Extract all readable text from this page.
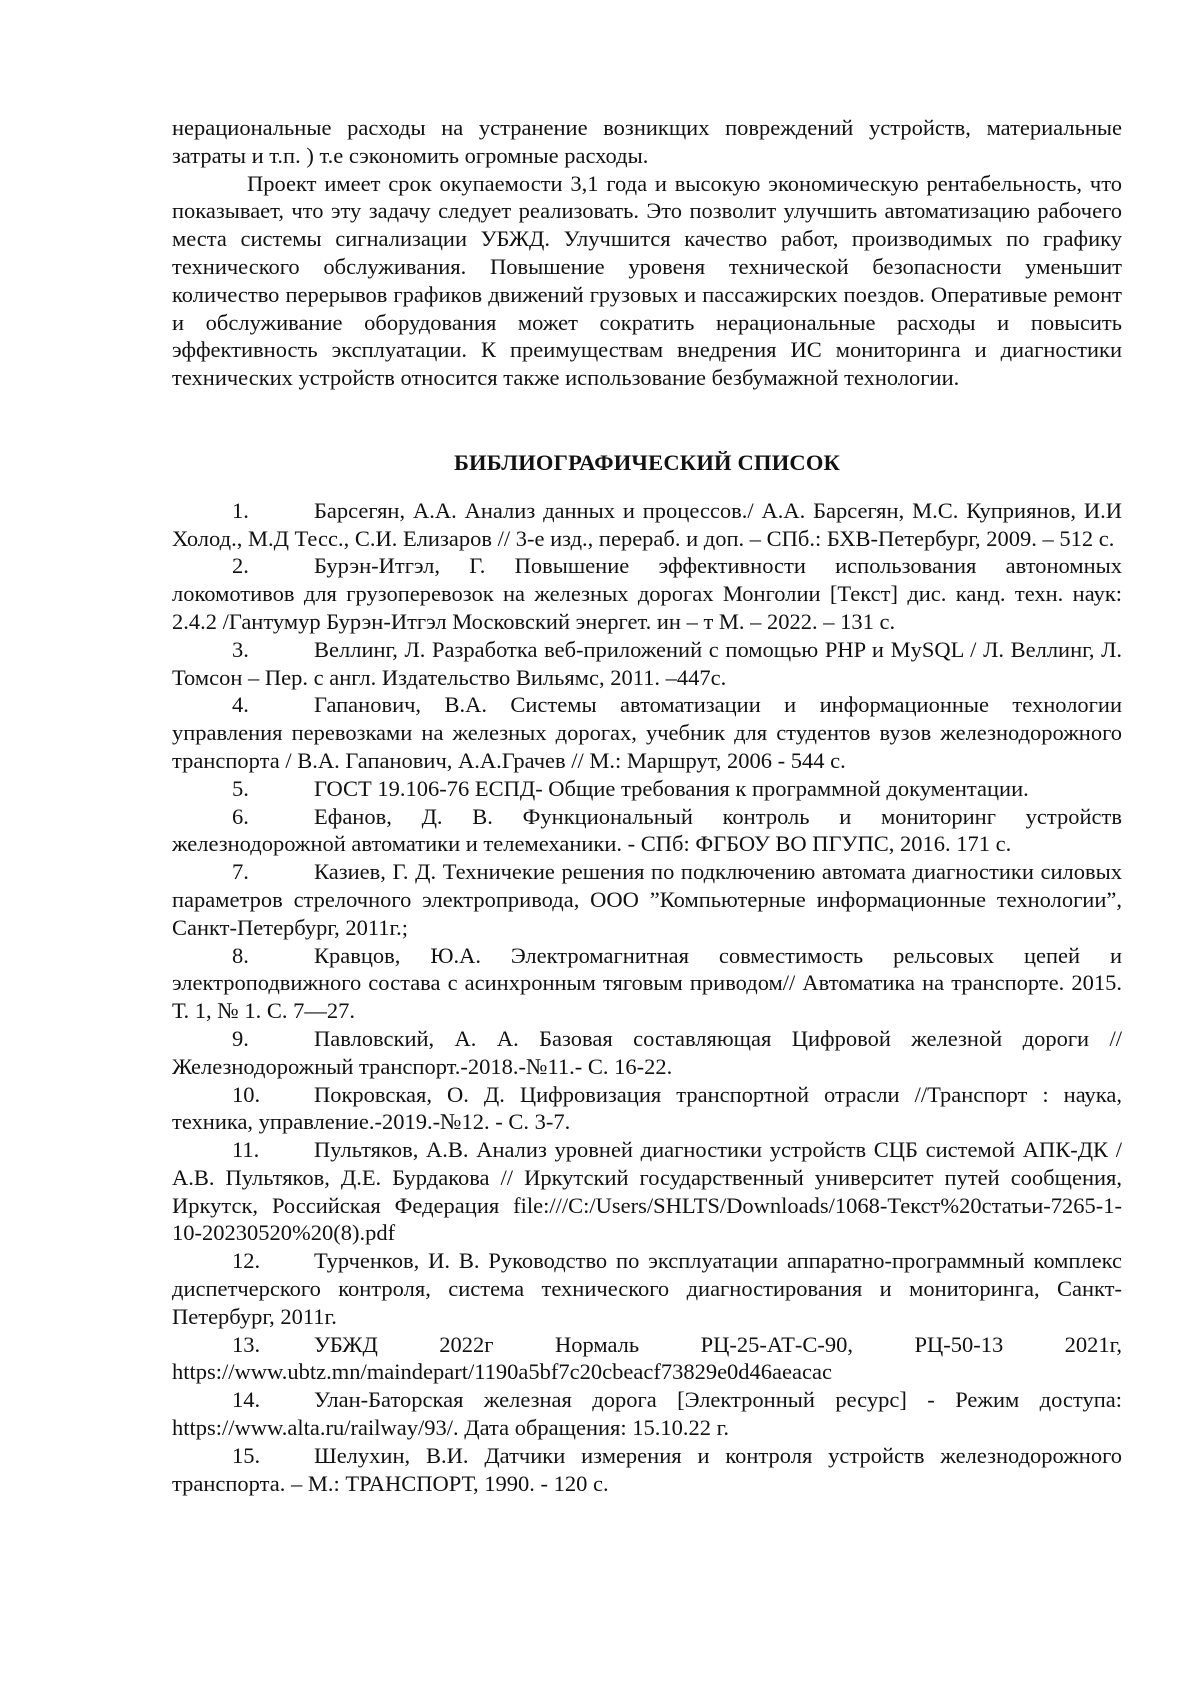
нерациональные расходы на устранение возникщих повреждений устройств, материальные затраты и т.п. ) т.е сэкономить огромные расходы.

Проект имеет срок окупаемости 3,1 года и высокую экономическую рентабельность, что показывает, что эту задачу следует реализовать. Это позволит улучшить автоматизацию рабочего места системы сигнализации УБЖД. Улучшится качество работ, производимых по графику технического обслуживания. Повышение уровеня технической безопасности уменьшит количество перерывов графиков движений грузовых и пассажирских поездов. Оперативые ремонт и обслуживание оборудования может сократить нерациональные расходы и повысить эффективность эксплуатации. К преимуществам внедрения ИС мониторинга и диагностики технических устройств относится также использование безбумажной технологии.

БИБЛИОГРАФИЧЕСКИЙ СПИСОК
1.	Барсегян, А.А. Анализ данных и процессов./ А.А. Барсегян, М.С. Куприянов, И.И Холод., М.Д Тесс., С.И. Елизаров // 3-е изд., перераб. и доп. – СПб.: БХВ-Петербург, 2009. – 512 с.
2.	Бурэн-Итгэл, Г. Повышение эффективности использования автономных локомотивов для грузоперевозок на железных дорогах Монголии [Текст] дис. канд. техн. наук: 2.4.2 /Гантумур Бурэн-Итгэл Московский энергет. ин – т М. – 2022. – 131 с.
3.	Веллинг, Л. Разработка веб-приложений с помощью PHP и MySQL / Л. Веллинг, Л. Томсон – Пер. с англ. Издательство Вильямс, 2011. –447с.
4.	Гапанович, В.А. Системы автоматизации и информационные технологии управления перевозками на железных дорогах, учебник для студентов вузов железнодорожного транспорта / В.А. Гапанович, А.А.Грачев // М.: Маршрут, 2006 - 544 с.
5.	ГОСТ 19.106-76 ЕСПД- Общие требования к программной документации.
6.	Ефанов, Д. В. Функциональный контроль и мониторинг устройств железнодорожной автоматики и телемеханики. - СПб: ФГБОУ ВО ПГУПС, 2016. 171 с.
7.	Казиев, Г. Д. Техничекие решения по подключению автомата диагностики силовых параметров стрелочного электропривода, ООО ”Компьютерные информационные технологии”, Санкт-Петербург, 2011г.;
8.	Кравцов, Ю.А. Электромагнитная совместимость рельсовых цепей и электроподвижного состава с асинхронным тяговым приводом// Автоматика на транспорте. 2015. Т. 1, № 1. С. 7—27.
9.	Павловский, А. А. Базовая составляющая Цифровой железной дороги // Железнодорожный транспорт.-2018.-№11.- С. 16-22.
10. Покровская, О. Д. Цифровизация транспортной отрасли //Транспорт : наука, техника, управление.-2019.-№12. - С. 3-7.
11. Пультяков, А.В. Анализ уровней диагностики устройств СЦБ системой АПК-ДК / А.В. Пультяков, Д.Е. Бурдакова // Иркутский государственный университет путей сообщения, Иркутск, Российская Федерация file:///C:/Users/SHLTS/Downloads/1068-Текст%20статьи-7265-1-10-20230520%20(8).pdf
12. Турченков, И. В. Руководство по эксплуатации аппаратно-программный комплекс диспетчерского контроля, система технического диагностирования и мониторинга, Санкт-Петербург, 2011г.
13. УБЖД 2022г Нормаль РЦ-25-АТ-С-90, РЦ-50-13 2021г, https://www.ubtz.mn/maindepart/1190a5bf7c20cbeacf73829e0d46aeacac
14. Улан-Баторская железная дорога [Электронный ресурс] - Режим доступа: https://www.alta.ru/railway/93/. Дата обращения: 15.10.22 г.
15. Шелухин, В.И. Датчики измерения и контроля устройств железнодорожного транспорта. – М.: ТРАНСПОРТ, 1990. - 120 с.
